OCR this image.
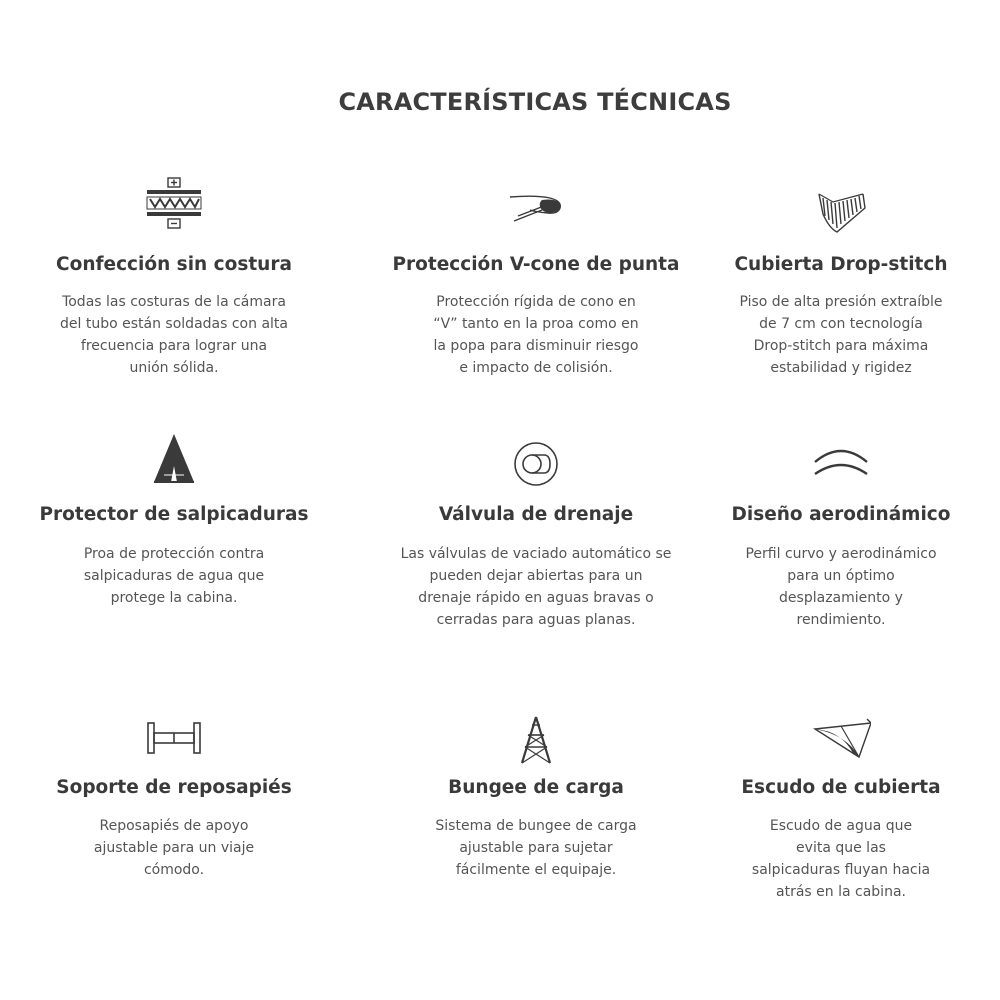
CARACTERÍSTICAS TÉCNICAS
Confección sin costura
Todas las costuras de la cámara
del tubo están soldadas con alta
frecuencia para lograr una
unión sólida.
Protección V-cone de punta
Protección rígida de cono en
“V” tanto en la proa como en
la popa para disminuir riesgo
e impacto de colisión.
Cubierta Drop-stitch
Piso de alta presión extraíble
de 7 cm con tecnología
Drop-stitch para máxima
estabilidad y rigidez
Protector de salpicaduras
Proa de protección contra
salpicaduras de agua que
protege la cabina.
Válvula de drenaje
Las válvulas de vaciado automático se
pueden dejar abiertas para un
drenaje rápido en aguas bravas o
cerradas para aguas planas.
Diseño aerodinámico
Perfil curvo y aerodinámico
para un óptimo
desplazamiento y
rendimiento.
Soporte de reposapiés
Reposapiés de apoyo
ajustable para un viaje
cómodo.
Bungee de carga
Sistema de bungee de carga
ajustable para sujetar
fácilmente el equipaje.
Escudo de cubierta
Escudo de agua que
evita que las
salpicaduras fluyan hacia
atrás en la cabina.
